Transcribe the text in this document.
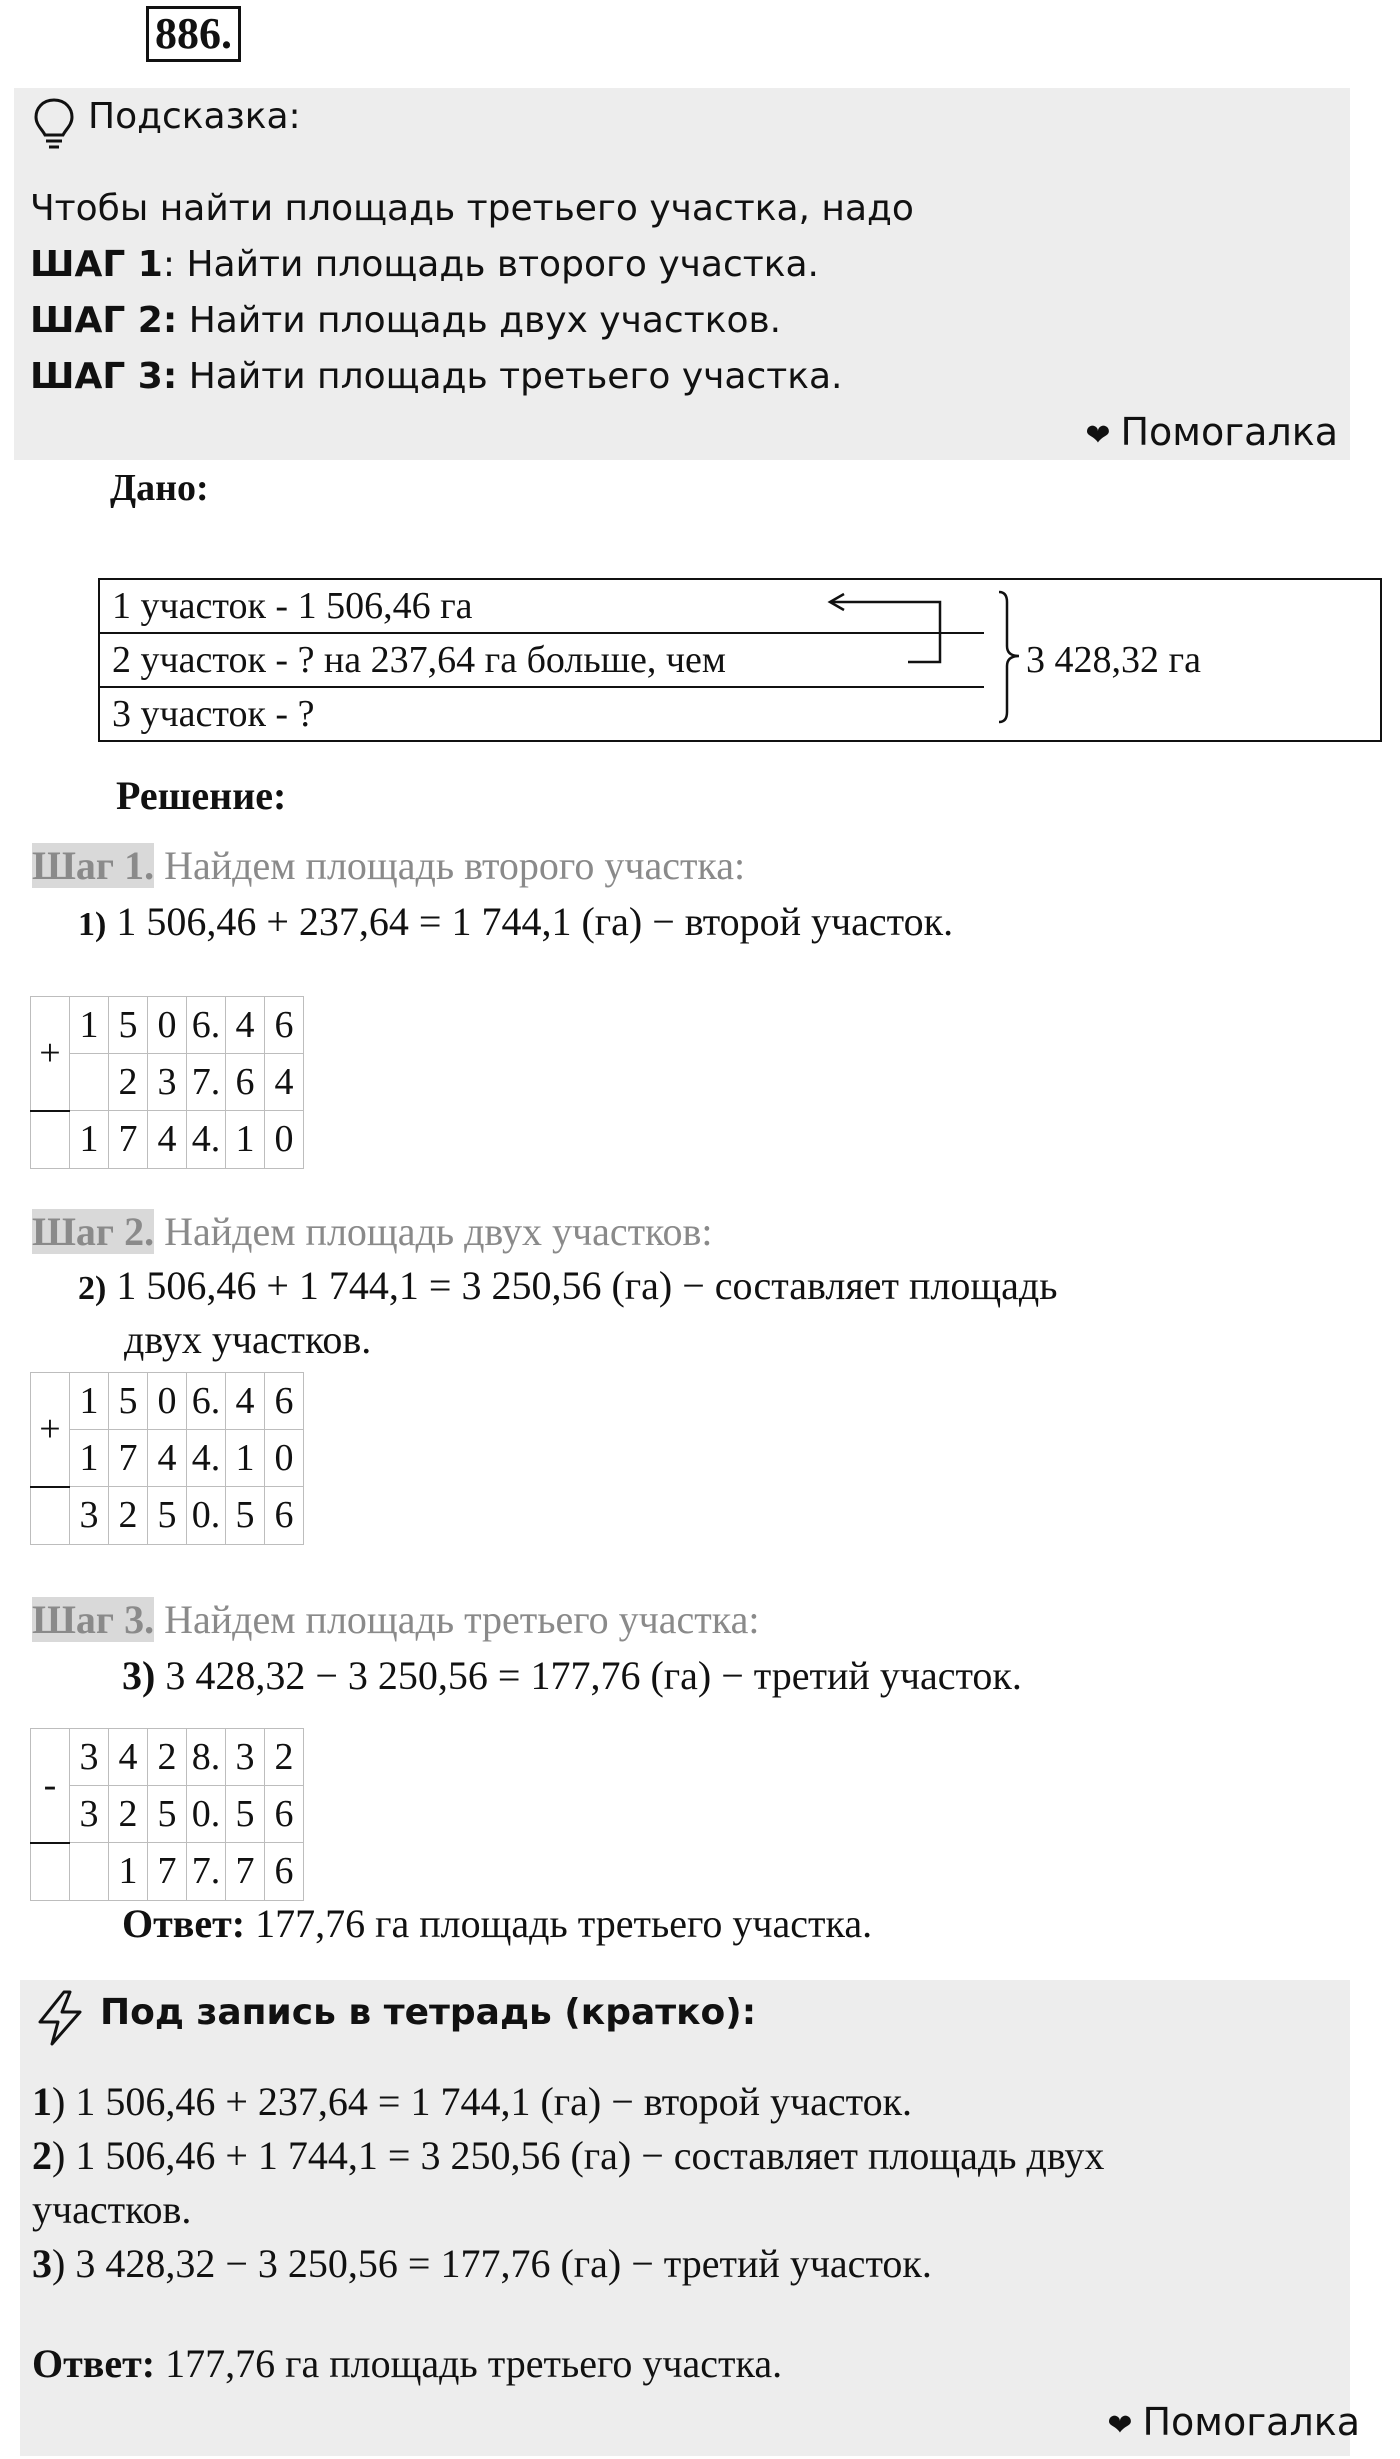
886.
Подсказка:
Чтобы найти площадь третьего участка, надо
ШАГ 1: Найти площадь второго участка.
ШАГ 2: Найти площадь двух участков.
ШАГ 3: Найти площадь третьего участка.
❤ Помогалка
Дано:
1 участок - 1 506,46 га	3 428,32 га
2 участок - ? на 237,64 га больше, чем
3 участок - ?
Решение:
Шаг 1. Найдем площадь второго участка:
1) 1 506,46 + 237,64 = 1 744,1 (га) − второй участок.
+	1	5	0	6.	4	6
		2	3	7.	6	4
	1	7	4	4.	1	0
Шаг 2. Найдем площадь двух участков:
2) 1 506,46 + 1 744,1 = 3 250,56 (га) − составляет площадь
двух участков.
+	1	5	0	6.	4	6
	1	7	4	4.	1	0
	3	2	5	0.	5	6
Шаг 3. Найдем площадь третьего участка:
3) 3 428,32 − 3 250,56 = 177,76 (га) − третий участок.
-	3	4	2	8.	3	2
	3	2	5	0.	5	6
		1	7	7.	7	6
Ответ: 177,76 га площадь третьего участка.
Под запись в тетрадь (кратко):
1) 1 506,46 + 237,64 = 1 744,1 (га) − второй участок.
2) 1 506,46 + 1 744,1 = 3 250,56 (га) − составляет площадь двух
участков.
3) 3 428,32 − 3 250,56 = 177,76 (га) − третий участок.
Ответ: 177,76 га площадь третьего участка.
❤ Помогалка
